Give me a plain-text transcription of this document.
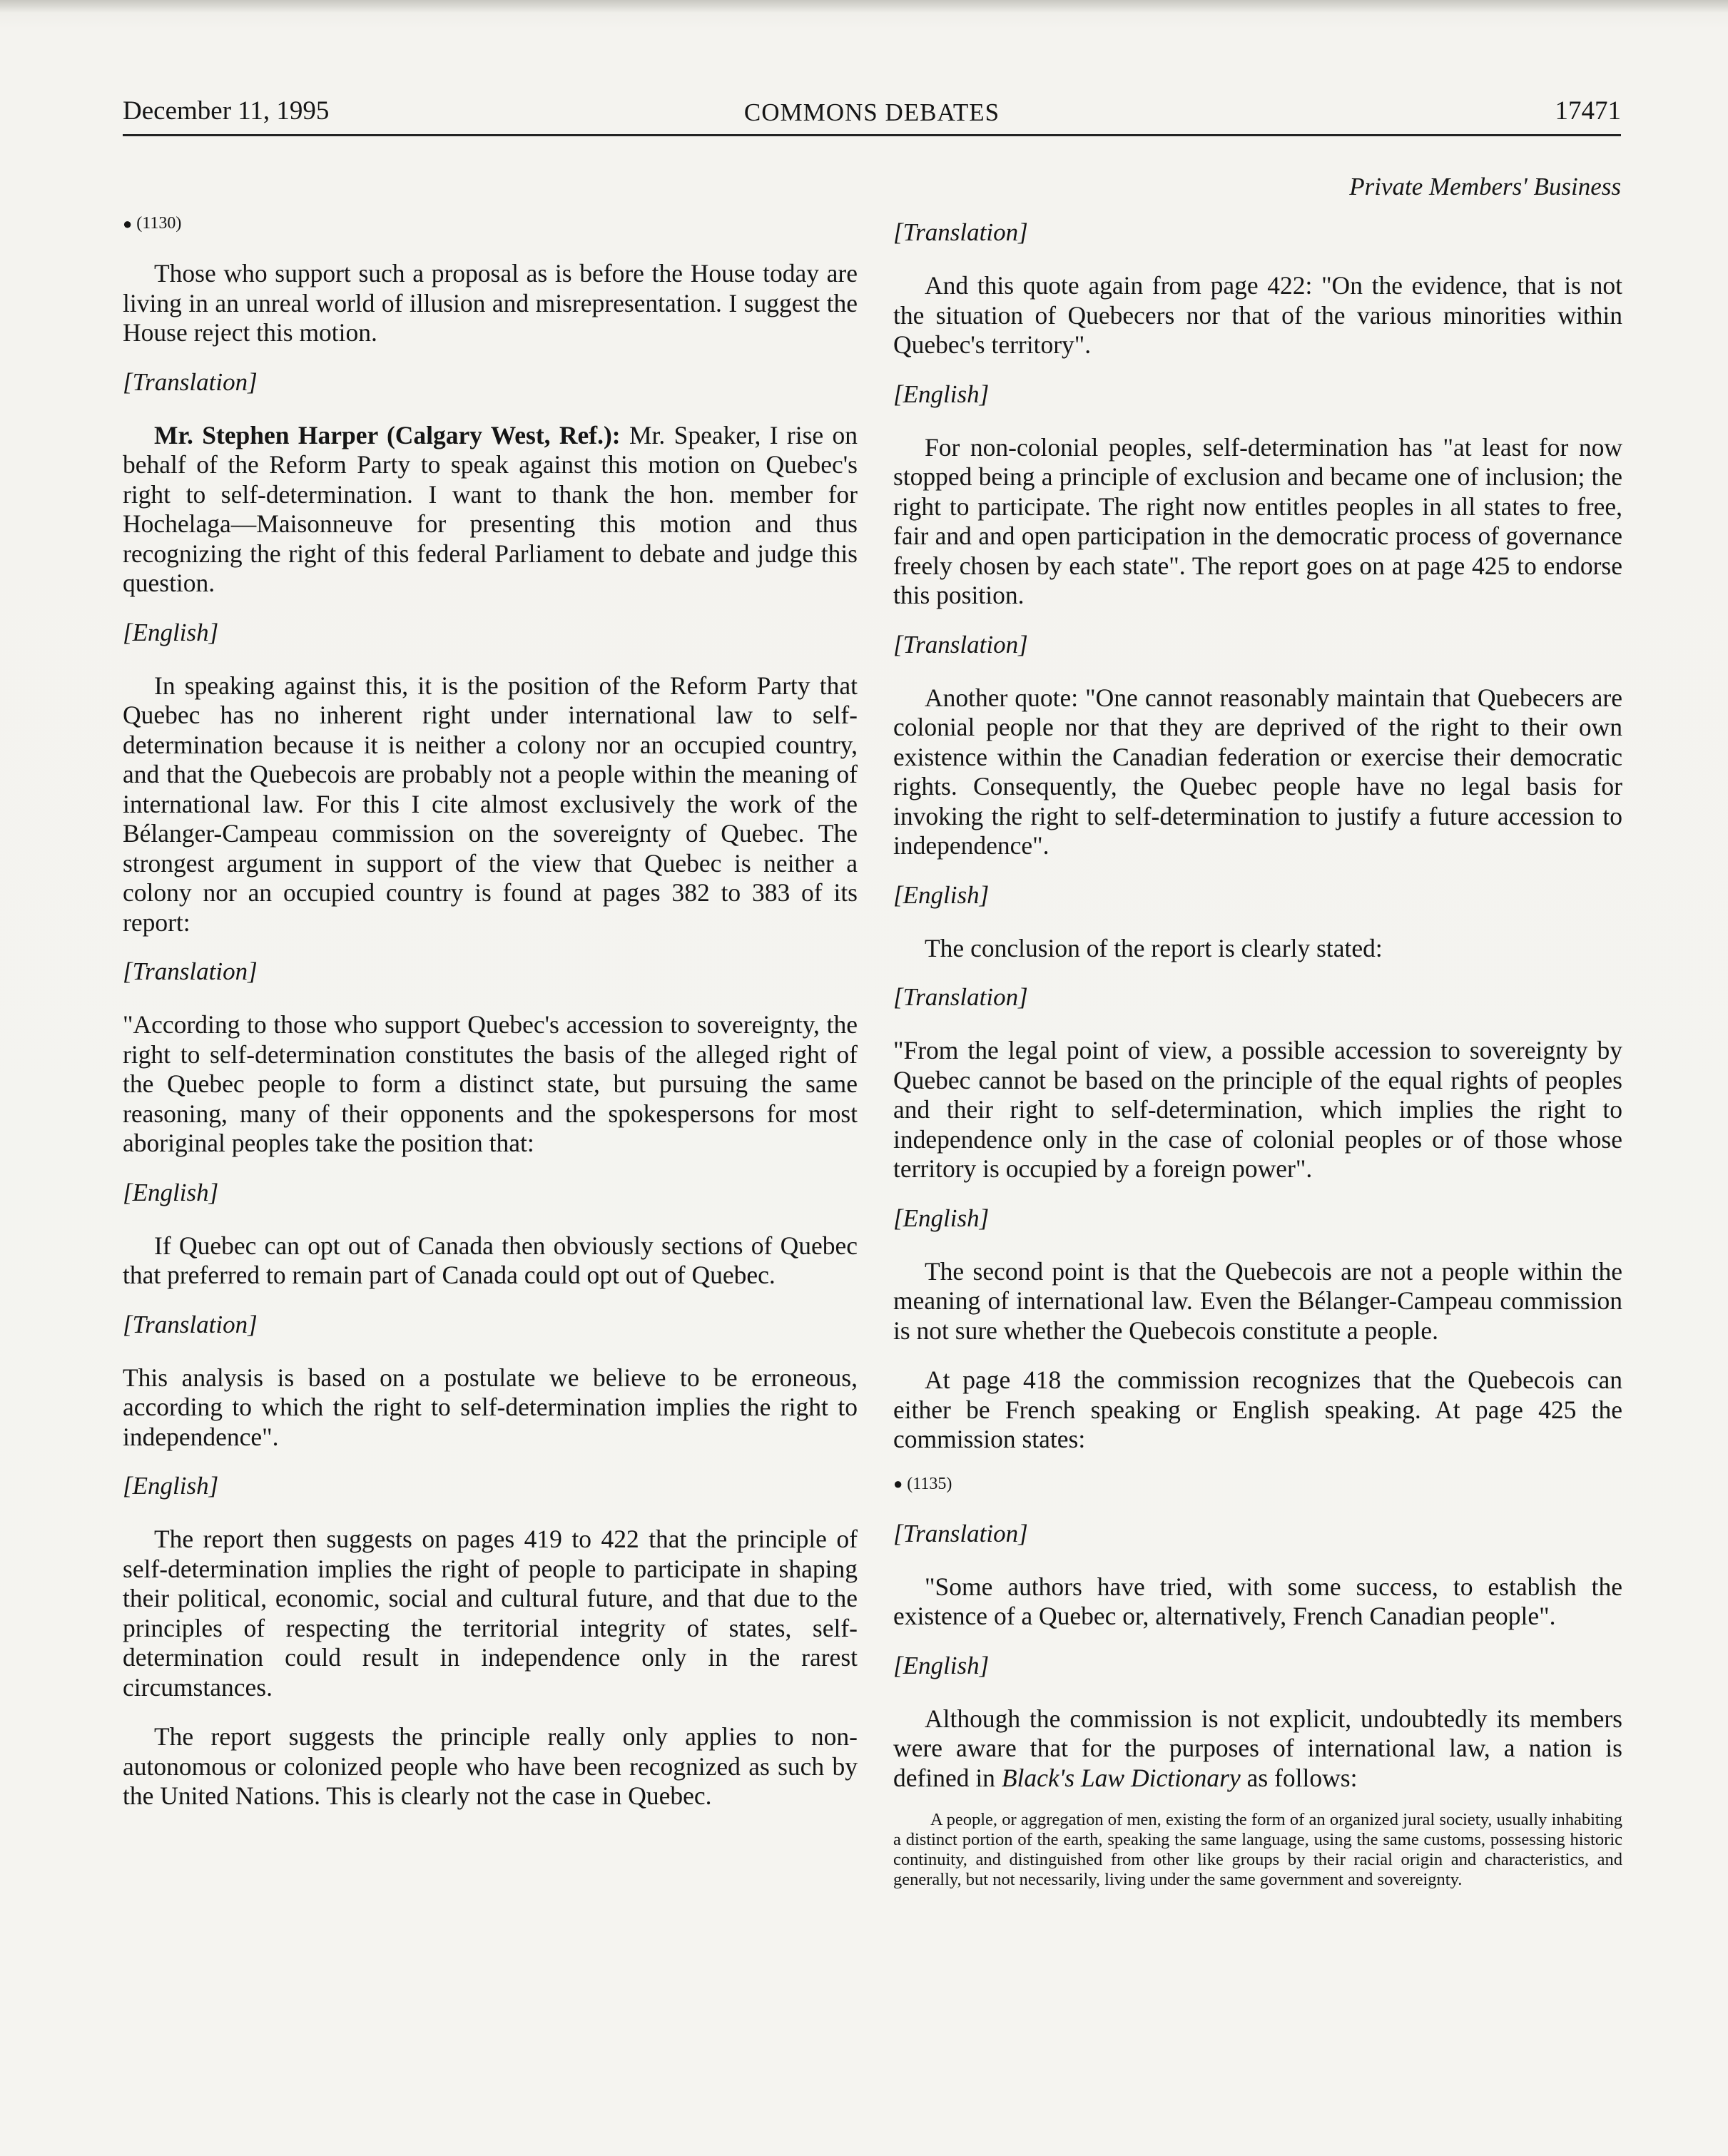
December 11, 1995	COMMONS DEBATES	17471
Private Members' Business
● (1130)

Those who support such a proposal as is before the House today are living in an unreal world of illusion and misrepresentation. I suggest the House reject this motion.

[Translation]

Mr. Stephen Harper (Calgary West, Ref.): Mr. Speaker, I rise on behalf of the Reform Party to speak against this motion on Quebec's right to self-determination. I want to thank the hon. member for Hochelaga—Maisonneuve for presenting this motion and thus recognizing the right of this federal Parliament to debate and judge this question.

[English]

In speaking against this, it is the position of the Reform Party that Quebec has no inherent right under international law to self-determination because it is neither a colony nor an occupied country, and that the Quebecois are probably not a people within the meaning of international law. For this I cite almost exclusively the work of the Bélanger-Campeau commission on the sovereignty of Quebec. The strongest argument in support of the view that Quebec is neither a colony nor an occupied country is found at pages 382 to 383 of its report:

[Translation]

"According to those who support Quebec's accession to sovereignty, the right to self-determination constitutes the basis of the alleged right of the Quebec people to form a distinct state, but pursuing the same reasoning, many of their opponents and the spokespersons for most aboriginal peoples take the position that:

[English]

If Quebec can opt out of Canada then obviously sections of Quebec that preferred to remain part of Canada could opt out of Quebec.

[Translation]

This analysis is based on a postulate we believe to be erroneous, according to which the right to self-determination implies the right to independence".

[English]

The report then suggests on pages 419 to 422 that the principle of self-determination implies the right of people to participate in shaping their political, economic, social and cultural future, and that due to the principles of respecting the territorial integrity of states, self-determination could result in independence only in the rarest circumstances.

The report suggests the principle really only applies to non-autonomous or colonized people who have been recognized as such by the United Nations. This is clearly not the case in Quebec.

[Translation]

And this quote again from page 422: "On the evidence, that is not the situation of Quebecers nor that of the various minorities within Quebec's territory".

[English]

For non-colonial peoples, self-determination has "at least for now stopped being a principle of exclusion and became one of inclusion; the right to participate. The right now entitles peoples in all states to free, fair and and open participation in the democratic process of governance freely chosen by each state". The report goes on at page 425 to endorse this position.

[Translation]

Another quote: "One cannot reasonably maintain that Quebecers are colonial people nor that they are deprived of the right to their own existence within the Canadian federation or exercise their democratic rights. Consequently, the Quebec people have no legal basis for invoking the right to self-determination to justify a future accession to independence".

[English]

The conclusion of the report is clearly stated:

[Translation]

"From the legal point of view, a possible accession to sovereignty by Quebec cannot be based on the principle of the equal rights of peoples and their right to self-determination, which implies the right to independence only in the case of colonial peoples or of those whose territory is occupied by a foreign power".

[English]

The second point is that the Quebecois are not a people within the meaning of international law. Even the Bélanger-Campeau commission is not sure whether the Quebecois constitute a people.

At page 418 the commission recognizes that the Quebecois can either be French speaking or English speaking. At page 425 the commission states:

● (1135)
[Translation]

"Some authors have tried, with some success, to establish the existence of a Quebec or, alternatively, French Canadian people".

[English]

Although the commission is not explicit, undoubtedly its members were aware that for the purposes of international law, a nation is defined in Black's Law Dictionary as follows:

A people, or aggregation of men, existing the form of an organized jural society, usually inhabiting a distinct portion of the earth, speaking the same language, using the same customs, possessing historic continuity, and distinguished from other like groups by their racial origin and characteristics, and generally, but not necessarily, living under the same government and sovereignty.
